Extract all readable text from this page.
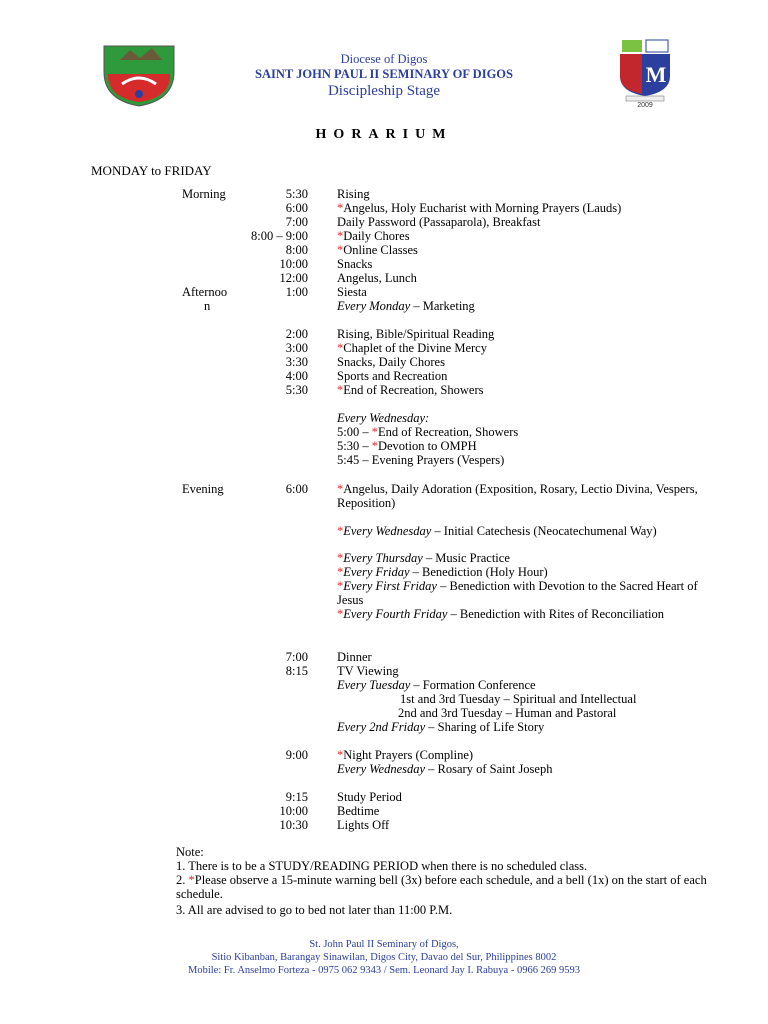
M
2009
Diocese of Digos
SAINT JOHN PAUL II SEMINARY OF DIGOS
Discipleship Stage
HORARIUM
MONDAY to FRIDAY
Morning
Afternoo
n
Evening
5:30 Rising
6:00 *Angelus, Holy Eucharist with Morning Prayers (Lauds)
7:00 Daily Password (Passaparola), Breakfast
8:00 – 9:00 *Daily Chores
8:00 *Online Classes
10:00 Snacks
12:00 Angelus, Lunch
1:00 Siesta
Every Monday – Marketing
2:00 Rising, Bible/Spiritual Reading
3:00 *Chaplet of the Divine Mercy
3:30 Snacks, Daily Chores
4:00 Sports and Recreation
5:30 *End of Recreation, Showers
Every Wednesday:
5:00 – *End of Recreation, Showers
5:30 – *Devotion to OMPH
5:45 – Evening Prayers (Vespers)
6:00 *Angelus, Daily Adoration (Exposition, Rosary, Lectio Divina, Vespers, Reposition)
*Every Wednesday – Initial Catechesis (Neocatechumenal Way)
*Every Thursday – Music Practice
*Every Friday – Benediction (Holy Hour)
*Every First Friday – Benediction with Devotion to the Sacred Heart of Jesus
*Every Fourth Friday – Benediction with Rites of Reconciliation
7:00 Dinner
8:15 TV Viewing
Every Tuesday – Formation Conference
1st and 3rd Tuesday – Spiritual and Intellectual
2nd and 3rd Tuesday – Human and Pastoral
Every 2nd Friday – Sharing of Life Story
9:00 *Night Prayers (Compline)
Every Wednesday – Rosary of Saint Joseph
9:15 Study Period
10:00 Bedtime
10:30 Lights Off
Note:
1. There is to be a STUDY/READING PERIOD when there is no scheduled class.
2. *Please observe a 15-minute warning bell (3x) before each schedule, and a bell (1x) on the start of each schedule.
3. All are advised to go to bed not later than 11:00 P.M.
St. John Paul II Seminary of Digos,
Sitio Kibanban, Barangay Sinawilan, Digos City, Davao del Sur, Philippines 8002
Mobile: Fr. Anselmo Forteza - 0975 062 9343 / Sem. Leonard Jay I. Rabuya - 0966 269 9593
